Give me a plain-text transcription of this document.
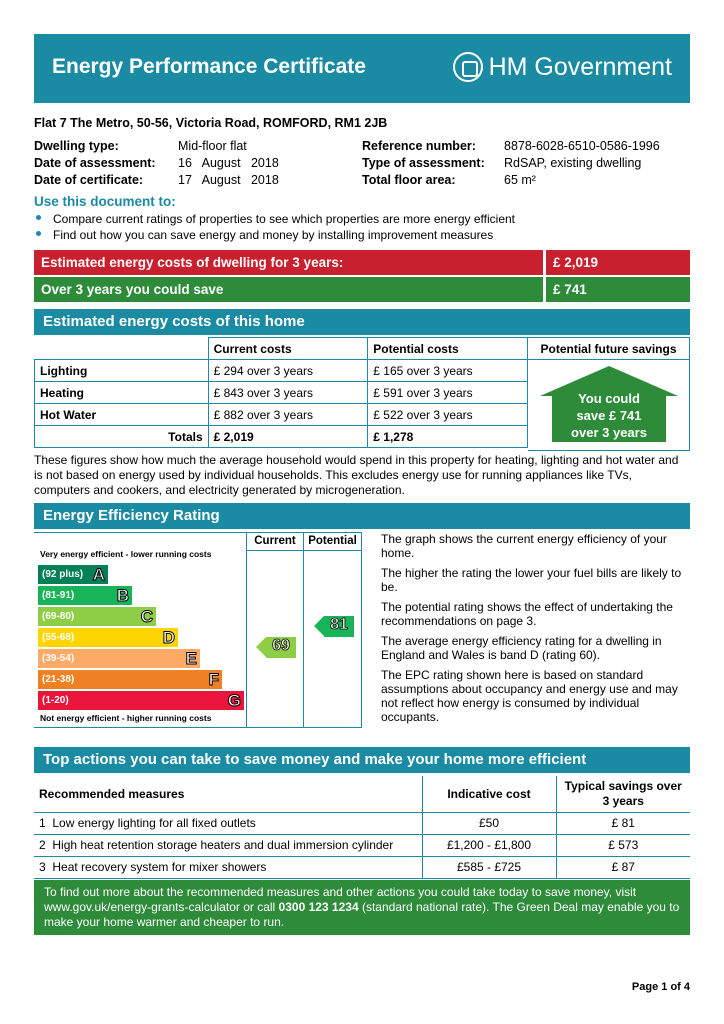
Energy Performance Certificate	HM Government
Flat 7 The Metro, 50-56, Victoria Road, ROMFORD, RM1 2JB
Dwelling type:	Mid-floor flat
Date of assessment: 16   August   2018
Date of certificate:	17   August   2018
Reference number: 8878-6028-6510-0586-1996
Type of assessment: RdSAP, existing dwelling
Total floor area:	65 m²
Use this document to:
Compare current ratings of properties to see which properties are more energy efficient
Find out how you can save energy and money by installing improvement measures
Estimated energy costs of dwelling for 3 years:	£ 2,019
Over 3 years you could save	£ 741
Estimated energy costs of this home
	Current costs	Potential costs
Lighting	£ 294 over 3 years	£ 165 over 3 years
Heating	£ 843 over 3 years	£ 591 over 3 years
Hot Water	£ 882 over 3 years	£ 522 over 3 years
Totals	£ 2,019	£ 1,278
Potential future savings
You could
save £ 741
over 3 years
These figures show how much the average household would spend in this property for heating, lighting and hot water and is not based on energy used by individual households. This excludes energy use for running appliances like TVs, computers and cookers, and electricity generated by microgeneration.
Energy Efficiency Rating
Very energy efficient - lower running costs
(92 plus) A
(81-91) B
(69-80)	C
(55-68)	D
(39-54)	E
(21-38)	F
(1-20)	G
Not energy efficient - higher running costs
Current	Potential
69
81

The graph shows the current energy efficiency of your home.

The higher the rating the lower your fuel bills are likely to be.

The potential rating shows the effect of undertaking the recommendations on page 3.

The average energy efficiency rating for a dwelling in England and Wales is band D (rating 60).

The EPC rating shown here is based on standard assumptions about occupancy and energy use and may not reflect how energy is consumed by individual occupants.

Top actions you can take to save money and make your home more efficient
Recommended measures	Indicative cost	Typical savings over 3 years
1 Low energy lighting for all fixed outlets	£50	£ 81
2 High heat retention storage heaters and dual immersion cylinder	£1,200 - £1,800	£ 573
3 Heat recovery system for mixer showers	£585 - £725	£ 87
To find out more about the recommended measures and other actions you could take today to save money, visit www.gov.uk/energy-grants-calculator or call 0300 123 1234 (standard national rate). The Green Deal may enable you to make your home warmer and cheaper to run.
Page 1 of 4
